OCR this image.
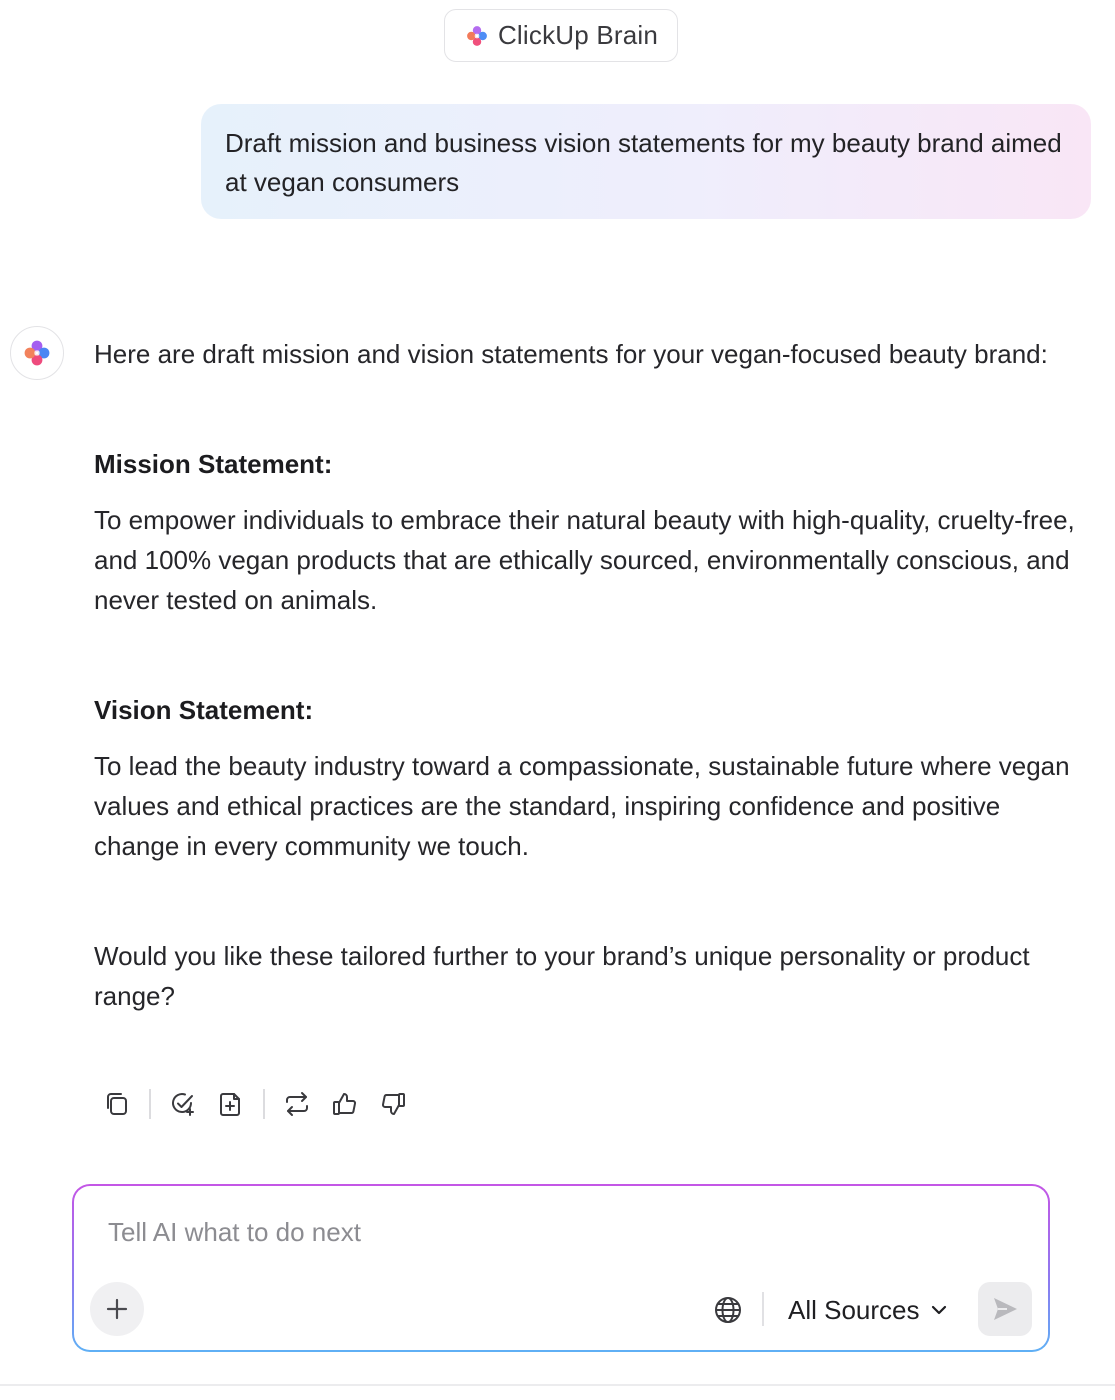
ClickUp Brain
Draft mission and business vision statements for my beauty brand aimed at vegan consumers

Here are draft mission and vision statements for your vegan-focused beauty brand:

Mission Statement:

To empower individuals to embrace their natural beauty with high-quality, cruelty-free, and 100% vegan products that are ethically sourced, environmentally conscious, and never tested on animals.

Vision Statement:

To lead the beauty industry toward a compassionate, sustainable future where vegan values and ethical practices are the standard, inspiring confidence and positive change in every community we touch.

Would you like these tailored further to your brand’s unique personality or product range?

Tell AI what to do next
All Sources
